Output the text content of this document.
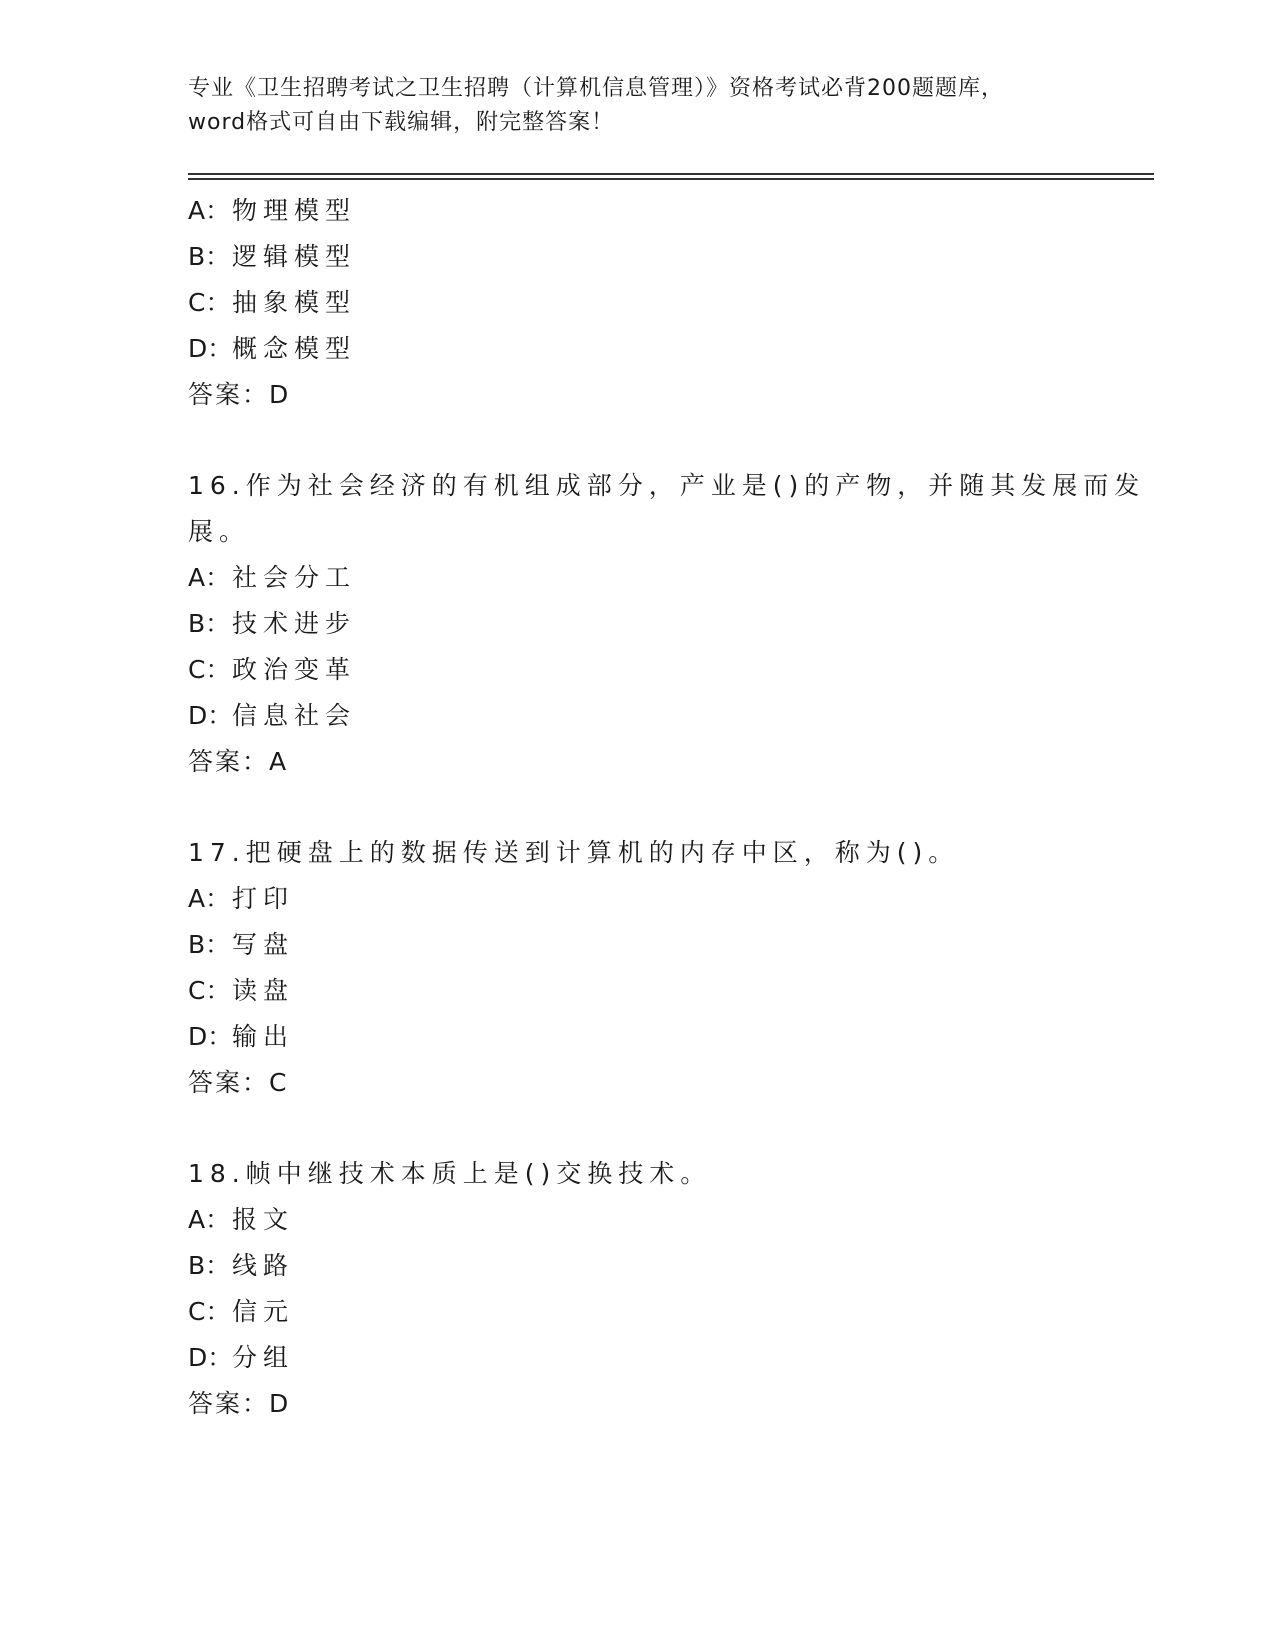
专业《卫生招聘考试之卫生招聘（计算机信息管理）》资格考试必背200题题库，
word格式可自由下载编辑，附完整答案！
A：物理模型
B：逻辑模型
C：抽象模型
D：概念模型
答案：D
16.作为社会经济的有机组成部分，产业是()的产物，并随其发展而发
展。
A：社会分工
B：技术进步
C：政治变革
D：信息社会
答案：A
17.把硬盘上的数据传送到计算机的内存中区，称为()。
A：打印
B：写盘
C：读盘
D：输出
答案：C
18.帧中继技术本质上是()交换技术。
A：报文
B：线路
C：信元
D：分组
答案：D
